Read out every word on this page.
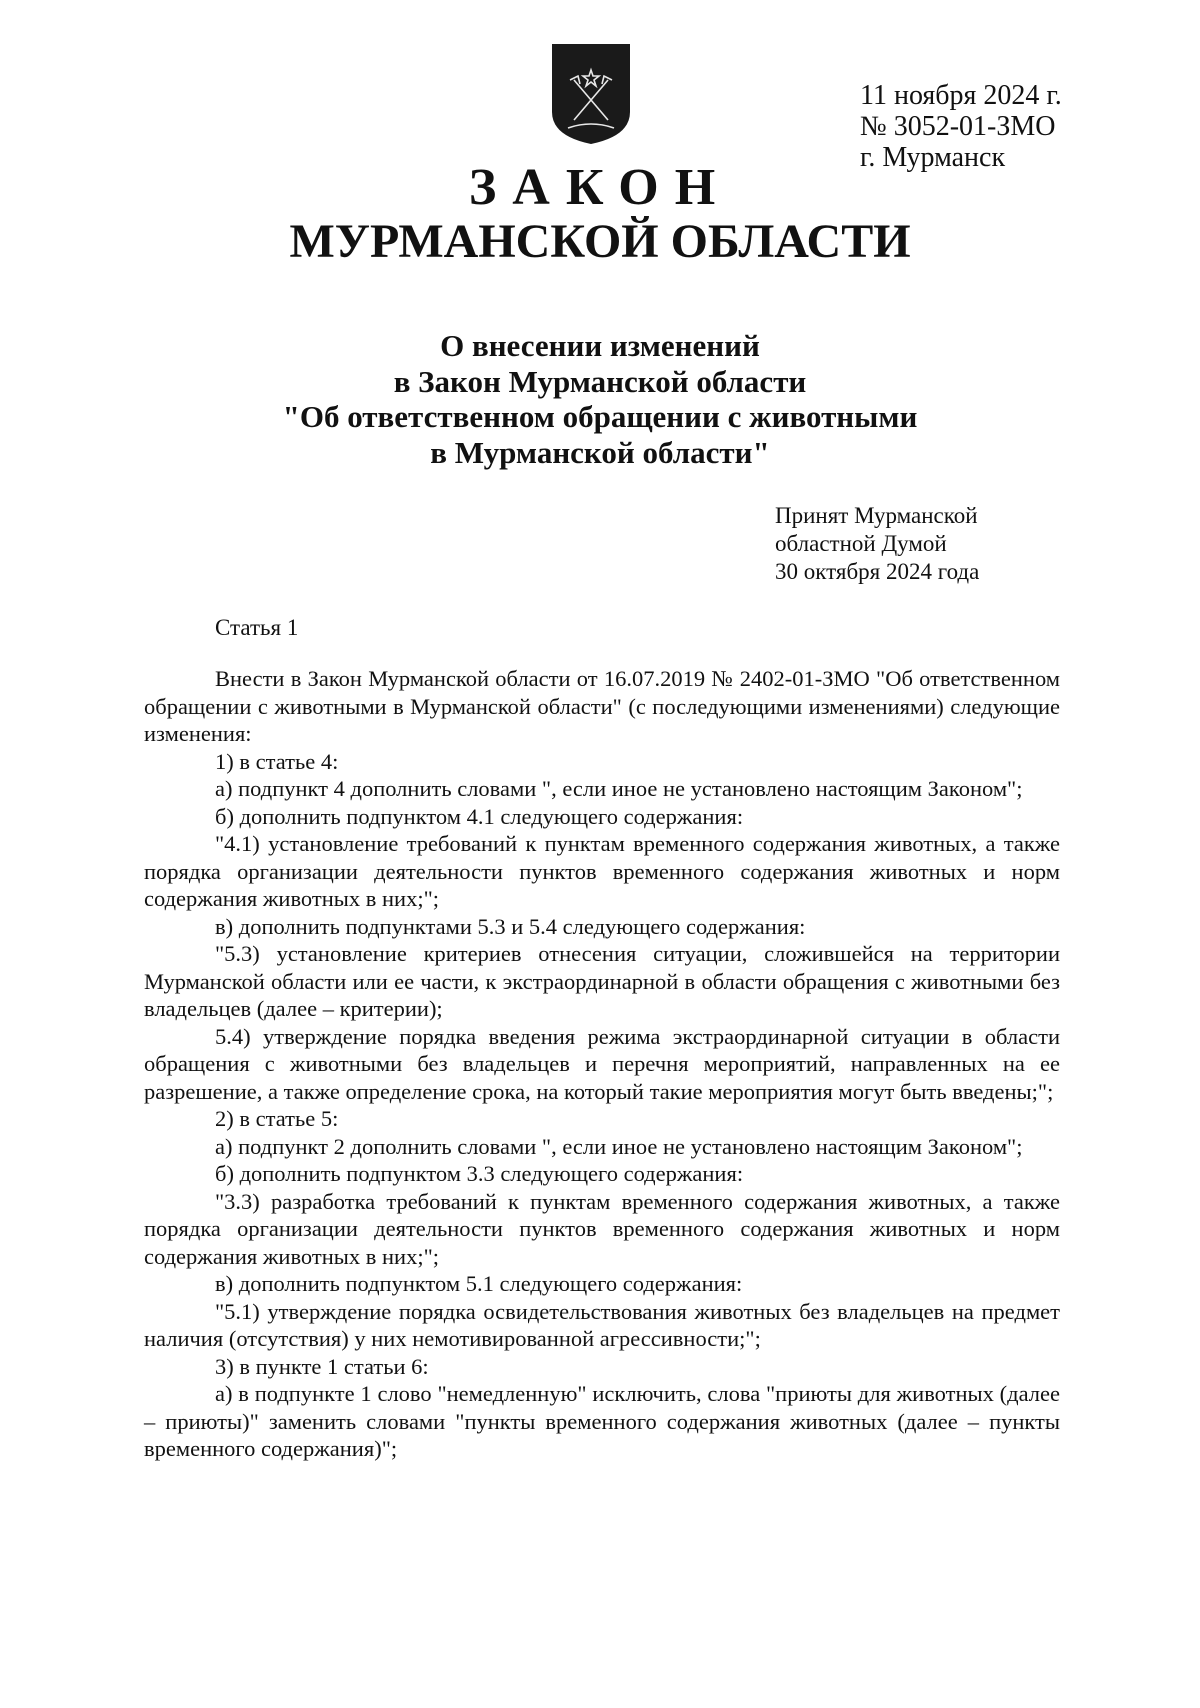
11 ноября 2024 г.
№ 3052-01-ЗМО
г. Мурманск
ЗАКОН
МУРМАНСКОЙ ОБЛАСТИ
О внесении изменений
в Закон Мурманской области
"Об ответственном обращении с животными
в Мурманской области"
Принят Мурманской
областной Думой
30 октября 2024 года
Статья 1

Внести в Закон Мурманской области от 16.07.2019 № 2402-01-ЗМО "Об ответственном обращении с животными в Мурманской области" (с последующими изменениями) следующие изменения:

1) в статье 4:

а) подпункт 4 дополнить словами ", если иное не установлено настоящим Законом";

б) дополнить подпунктом 4.1 следующего содержания:

"4.1) установление требований к пунктам временного содержания животных, а также порядка организации деятельности пунктов временного содержания животных и норм содержания животных в них;";

в) дополнить подпунктами 5.3 и 5.4 следующего содержания:

"5.3) установление критериев отнесения ситуации, сложившейся на территории Мурманской области или ее части, к экстраординарной в области обращения с животными без владельцев (далее – критерии);

5.4) утверждение порядка введения режима экстраординарной ситуации в области обращения с животными без владельцев и перечня мероприятий, направленных на ее разрешение, а также определение срока, на который такие мероприятия могут быть введены;";

2) в статье 5:

а) подпункт 2 дополнить словами ", если иное не установлено настоящим Законом";

б) дополнить подпунктом 3.3 следующего содержания:

"3.3) разработка требований к пунктам временного содержания животных, а также порядка организации деятельности пунктов временного содержания животных и норм содержания животных в них;";

в) дополнить подпунктом 5.1 следующего содержания:

"5.1) утверждение порядка освидетельствования животных без владельцев на предмет наличия (отсутствия) у них немотивированной агрессивности;";

3) в пункте 1 статьи 6:

а) в подпункте 1 слово "немедленную" исключить, слова "приюты для животных (далее – приюты)" заменить словами "пункты временного содержания животных (далее – пункты временного содержания)";
